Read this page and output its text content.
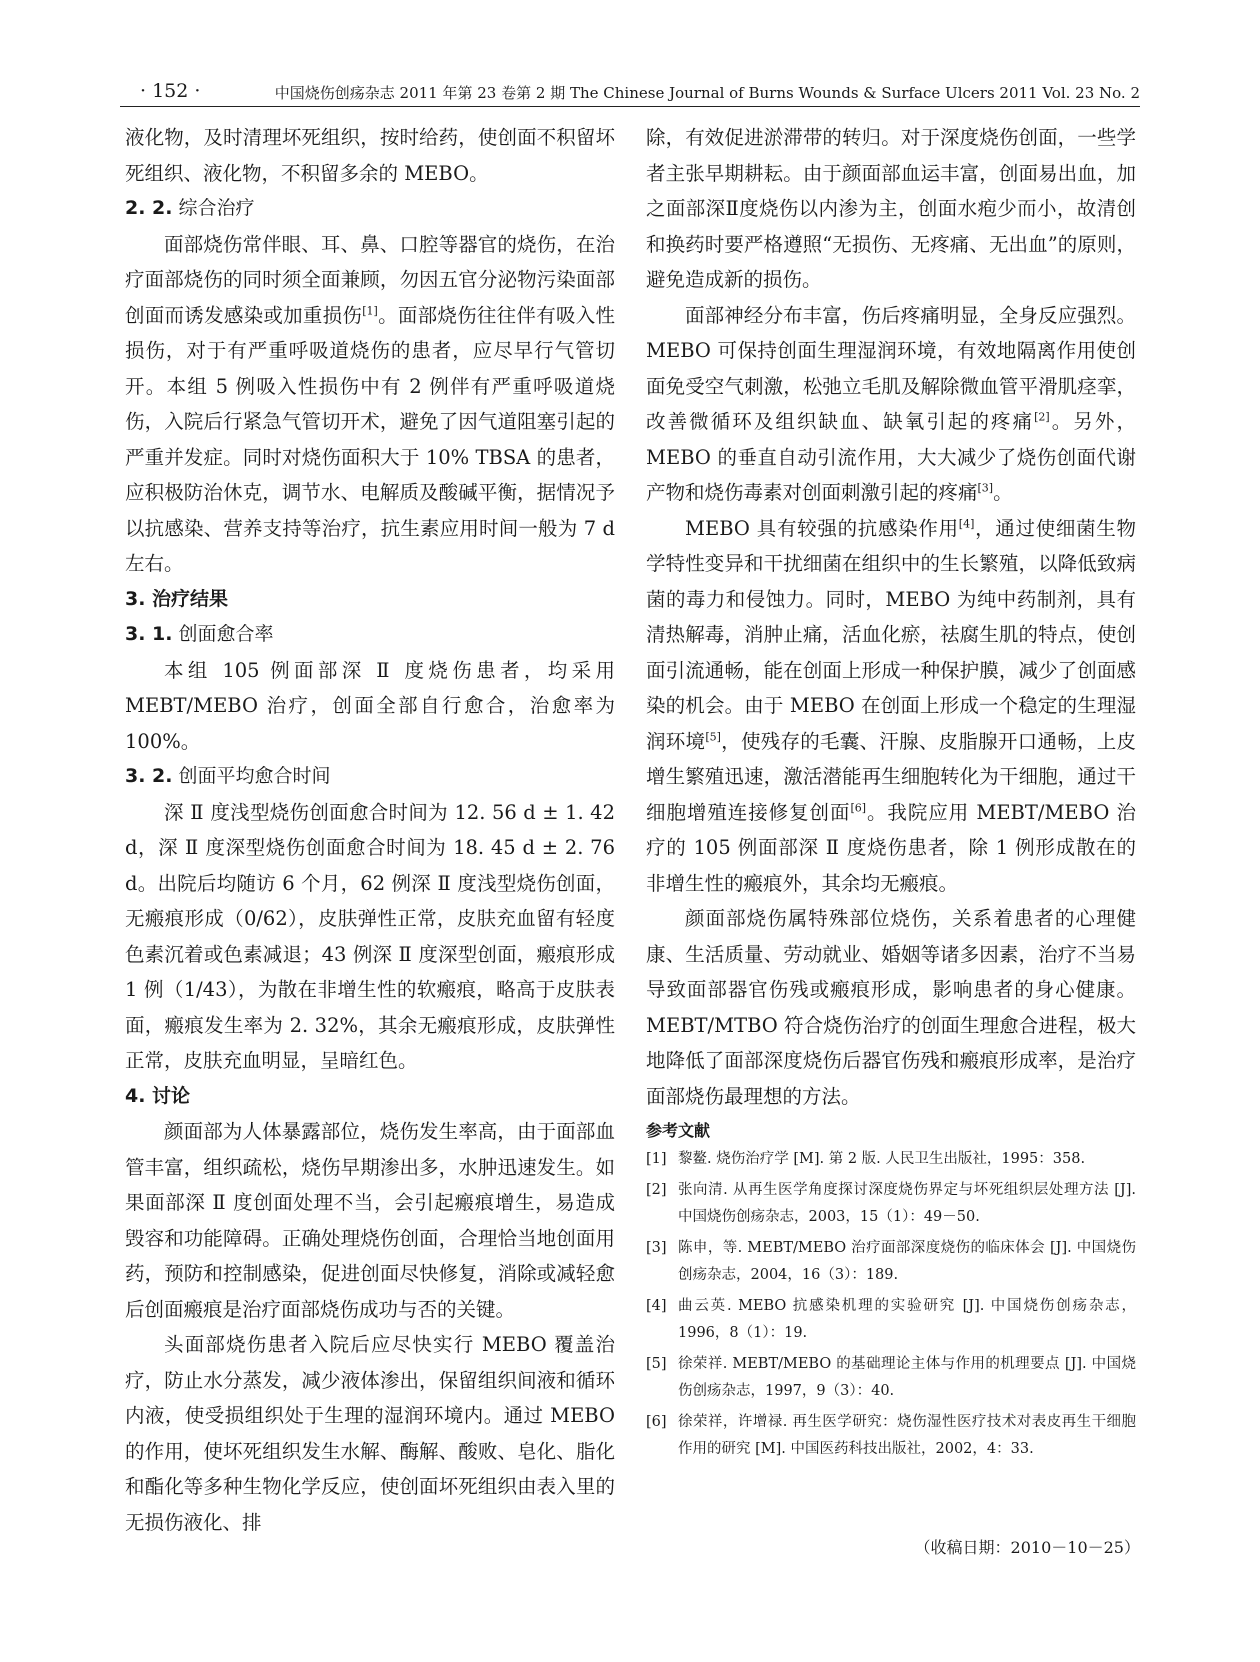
· 152 ·	中国烧伤创疡杂志 2011 年第 23 卷第 2 期 The Chinese Journal of Burns Wounds & Surface Ulcers 2011 Vol. 23 No. 2

液化物，及时清理坏死组织，按时给药，使创面不积留坏死组织、液化物，不积留多余的 MEBO。

2. 2. 综合治疗

面部烧伤常伴眼、耳、鼻、口腔等器官的烧伤，在治疗面部烧伤的同时须全面兼顾，勿因五官分泌物污染面部创面而诱发感染或加重损伤[1]。面部烧伤往往伴有吸入性损伤，对于有严重呼吸道烧伤的患者，应尽早行气管切开。本组 5 例吸入性损伤中有 2 例伴有严重呼吸道烧伤，入院后行紧急气管切开术，避免了因气道阻塞引起的严重并发症。同时对烧伤面积大于 10% TBSA 的患者，应积极防治休克，调节水、电解质及酸碱平衡，据情况予以抗感染、营养支持等治疗，抗生素应用时间一般为 7 d 左右。

3. 治疗结果
3. 1. 创面愈合率

本组 105 例面部深 Ⅱ 度烧伤患者，均采用 MEBT/MEBO 治疗，创面全部自行愈合，治愈率为 100%。

3. 2. 创面平均愈合时间

深 Ⅱ 度浅型烧伤创面愈合时间为 12. 56 d ± 1. 42 d，深 Ⅱ 度深型烧伤创面愈合时间为 18. 45 d ± 2. 76 d。出院后均随访 6 个月，62 例深 Ⅱ 度浅型烧伤创面，无瘢痕形成（0/62），皮肤弹性正常，皮肤充血留有轻度色素沉着或色素减退；43 例深 Ⅱ 度深型创面，瘢痕形成 1 例（1/43），为散在非增生性的软瘢痕，略高于皮肤表面，瘢痕发生率为 2. 32%，其余无瘢痕形成，皮肤弹性正常，皮肤充血明显，呈暗红色。

4. 讨论

颜面部为人体暴露部位，烧伤发生率高，由于面部血管丰富，组织疏松，烧伤早期渗出多，水肿迅速发生。如果面部深 Ⅱ 度创面处理不当，会引起瘢痕增生，易造成毁容和功能障碍。正确处理烧伤创面，合理恰当地创面用药，预防和控制感染，促进创面尽快修复，消除或减轻愈后创面瘢痕是治疗面部烧伤成功与否的关键。

头面部烧伤患者入院后应尽快实行 MEBO 覆盖治疗，防止水分蒸发，减少液体渗出，保留组织间液和循环内液，使受损组织处于生理的湿润环境内。通过 MEBO 的作用，使坏死组织发生水解、酶解、酸败、皂化、脂化和酯化等多种生物化学反应，使创面坏死组织由表入里的无损伤液化、排

除，有效促进淤滞带的转归。对于深度烧伤创面，一些学者主张早期耕耘。由于颜面部血运丰富，创面易出血，加之面部深Ⅱ度烧伤以内渗为主，创面水疱少而小，故清创和换药时要严格遵照“无损伤、无疼痛、无出血”的原则，避免造成新的损伤。

面部神经分布丰富，伤后疼痛明显，全身反应强烈。MEBO 可保持创面生理湿润环境，有效地隔离作用使创面免受空气刺激，松弛立毛肌及解除微血管平滑肌痉挛，改善微循环及组织缺血、缺氧引起的疼痛[2]。另外，MEBO 的垂直自动引流作用，大大减少了烧伤创面代谢产物和烧伤毒素对创面刺激引起的疼痛[3]。

MEBO 具有较强的抗感染作用[4]，通过使细菌生物学特性变异和干扰细菌在组织中的生长繁殖，以降低致病菌的毒力和侵蚀力。同时，MEBO 为纯中药制剂，具有清热解毒，消肿止痛，活血化瘀，祛腐生肌的特点，使创面引流通畅，能在创面上形成一种保护膜，减少了创面感染的机会。由于 MEBO 在创面上形成一个稳定的生理湿润环境[5]，使残存的毛囊、汗腺、皮脂腺开口通畅，上皮增生繁殖迅速，激活潜能再生细胞转化为干细胞，通过干细胞增殖连接修复创面[6]。我院应用 MEBT/MEBO 治疗的 105 例面部深 Ⅱ 度烧伤患者，除 1 例形成散在的非增生性的瘢痕外，其余均无瘢痕。

颜面部烧伤属特殊部位烧伤，关系着患者的心理健康、生活质量、劳动就业、婚姻等诸多因素，治疗不当易导致面部器官伤残或瘢痕形成，影响患者的身心健康。MEBT/MTBO 符合烧伤治疗的创面生理愈合进程，极大地降低了面部深度烧伤后器官伤残和瘢痕形成率，是治疗面部烧伤最理想的方法。

参考文献
[1] 黎鳌. 烧伤治疗学 [M]. 第 2 版. 人民卫生出版社，1995：358.
[2] 张向清. 从再生医学角度探讨深度烧伤界定与坏死组织层处理方法 [J]. 中国烧伤创疡杂志，2003，15（1）：49－50.
[3] 陈申，等. MEBT/MEBO 治疗面部深度烧伤的临床体会 [J]. 中国烧伤创疡杂志，2004，16（3）：189.
[4] 曲云英. MEBO 抗感染机理的实验研究 [J]. 中国烧伤创疡杂志，1996，8（1）：19.
[5] 徐荣祥. MEBT/MEBO 的基础理论主体与作用的机理要点 [J]. 中国烧伤创疡杂志，1997，9（3）：40.
[6] 徐荣祥，许增禄. 再生医学研究：烧伤湿性医疗技术对表皮再生干细胞作用的研究 [M]. 中国医药科技出版社，2002，4：33.
（收稿日期：2010－10－25）
